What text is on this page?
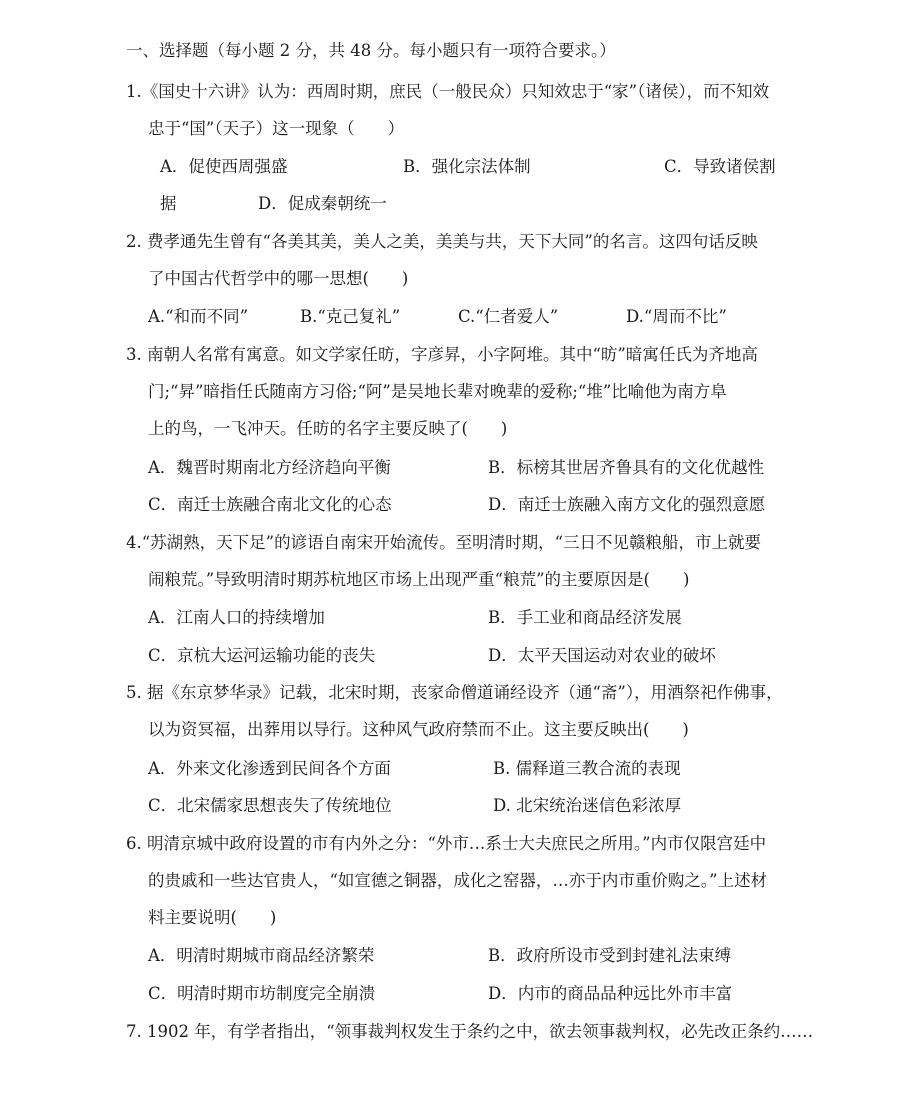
一、选择题（每小题 2 分，共 48 分。每小题只有一项符合要求。）
1.《国史十六讲》认为：西周时期，庶民（一般民众）只知效忠于“家”（诸侯），而不知效
忠于“国”（天子）这一现象（　　）
A．促使西周强盛	B．强化宗法体制	C．导致诸侯割
据	D．促成秦朝统一
2. 费孝通先生曾有“各美其美，美人之美，美美与共，天下大同”的名言。这四句话反映
了中国古代哲学中的哪一思想(　　)
A.“和而不同”	B.“克己复礼”	C.“仁者爱人”	D.“周而不比”
3. 南朝人名常有寓意。如文学家任昉，字彦昇，小字阿堆。其中“昉”暗寓任氏为齐地高
门;“昇”暗指任氏随南方习俗;“阿”是吴地长辈对晚辈的爱称;“堆”比喻他为南方阜
上的鸟，一飞冲天。任昉的名字主要反映了(　　)
A．魏晋时期南北方经济趋向平衡	B．标榜其世居齐鲁具有的文化优越性
C．南迁士族融合南北文化的心态	D．南迁士族融入南方文化的强烈意愿
4.“苏湖熟，天下足”的谚语自南宋开始流传。至明清时期，“三日不见赣粮船，市上就要
闹粮荒。”导致明清时期苏杭地区市场上出现严重“粮荒”的主要原因是(　　)
A．江南人口的持续增加	B．手工业和商品经济发展
C．京杭大运河运输功能的丧失	D．太平天国运动对农业的破坏
5. 据《东京梦华录》记载，北宋时期，丧家命僧道诵经设齐（通“斋”），用酒祭祀作佛事，
以为资冥福，出葬用以导行。这种风气政府禁而不止。这主要反映出(　　)
A．外来文化渗透到民间各个方面	B. 儒释道三教合流的表现
C．北宋儒家思想丧失了传统地位	D. 北宋统治迷信色彩浓厚
6. 明清京城中政府设置的市有内外之分：“外市…系士大夫庶民之所用。”内市仅限宫廷中
的贵戚和一些达官贵人，“如宣德之铜器，成化之窑器，…亦于内市重价购之。”上述材
料主要说明(　　)
A．明清时期城市商品经济繁荣	B．政府所设市受到封建礼法束缚
C．明清时期市坊制度完全崩溃	D．内市的商品品种远比外市丰富
7. 1902 年，有学者指出，“领事裁判权发生于条约之中，欲去领事裁判权，必先改正条约……
